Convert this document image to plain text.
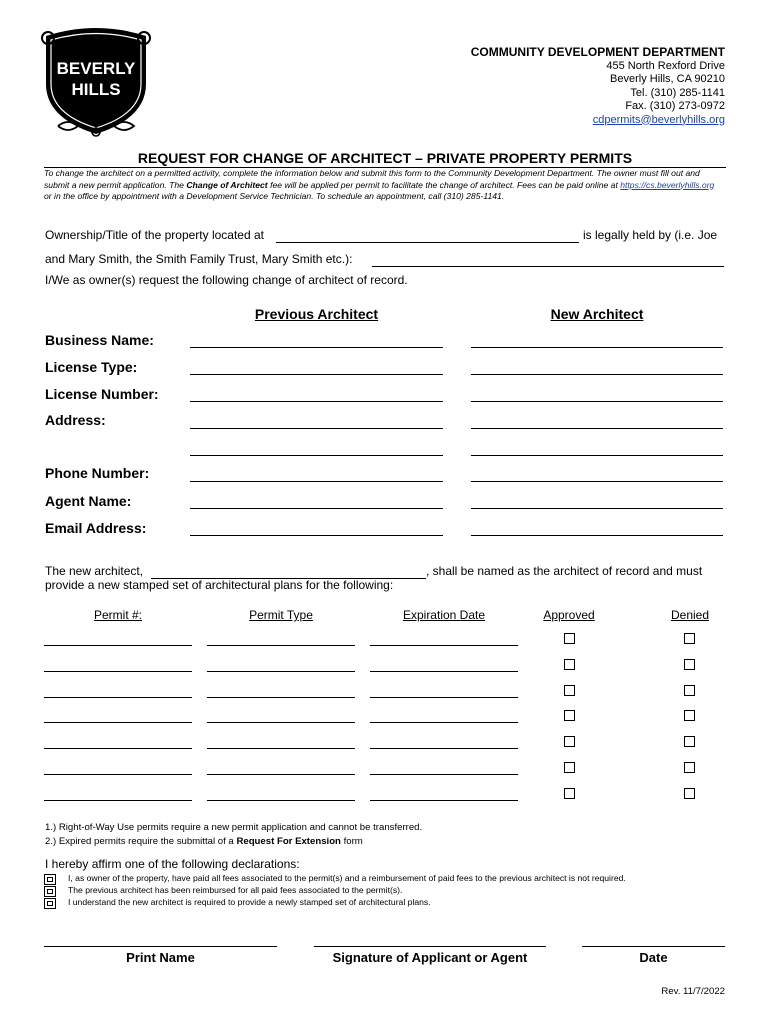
BEVERLY
HILLS
COMMUNITY DEVELOPMENT DEPARTMENT
455 North Rexford Drive
Beverly Hills, CA 90210
Tel. (310) 285-1141
Fax. (310) 273-0972
cdpermits@beverlyhills.org
REQUEST FOR CHANGE OF ARCHITECT – PRIVATE PROPERTY PERMITS
To change the architect on a permitted activity, complete the information below and submit this form to the Community Development Department. The owner must fill out and submit a new permit application. The Change of Architect fee will be applied per permit to facilitate the change of architect. Fees can be paid online at https://cs.beverlyhills.org or in the office by appointment with a Development Service Technician. To schedule an appointment, call (310) 285-1141.
Ownership/Title of the property located at	is legally held by (i.e. Joe
and Mary Smith, the Smith Family Trust, Mary Smith etc.):
I/We as owner(s) request the following change of architect of record.
Previous Architect	New Architect
Business Name:
License Type:
License Number:
Address:
Phone Number:
Agent Name:
Email Address:
The new architect,	, shall be named as the architect of record and must
provide a new stamped set of architectural plans for the following:
Permit #:	Permit Type	Expiration Date	Approved	Denied
1.) Right-of-Way Use permits require a new permit application and cannot be transferred.
2.) Expired permits require the submittal of a Request For Extension form
I hereby affirm one of the following declarations:
I, as owner of the property, have paid all fees associated to the permit(s) and a reimbursement of paid fees to the previous architect is not required.
The previous architect has been reimbursed for all paid fees associated to the permit(s).
I understand the new architect is required to provide a newly stamped set of architectural plans.
Print Name	Signature of Applicant or Agent	Date
Rev. 11/7/2022
